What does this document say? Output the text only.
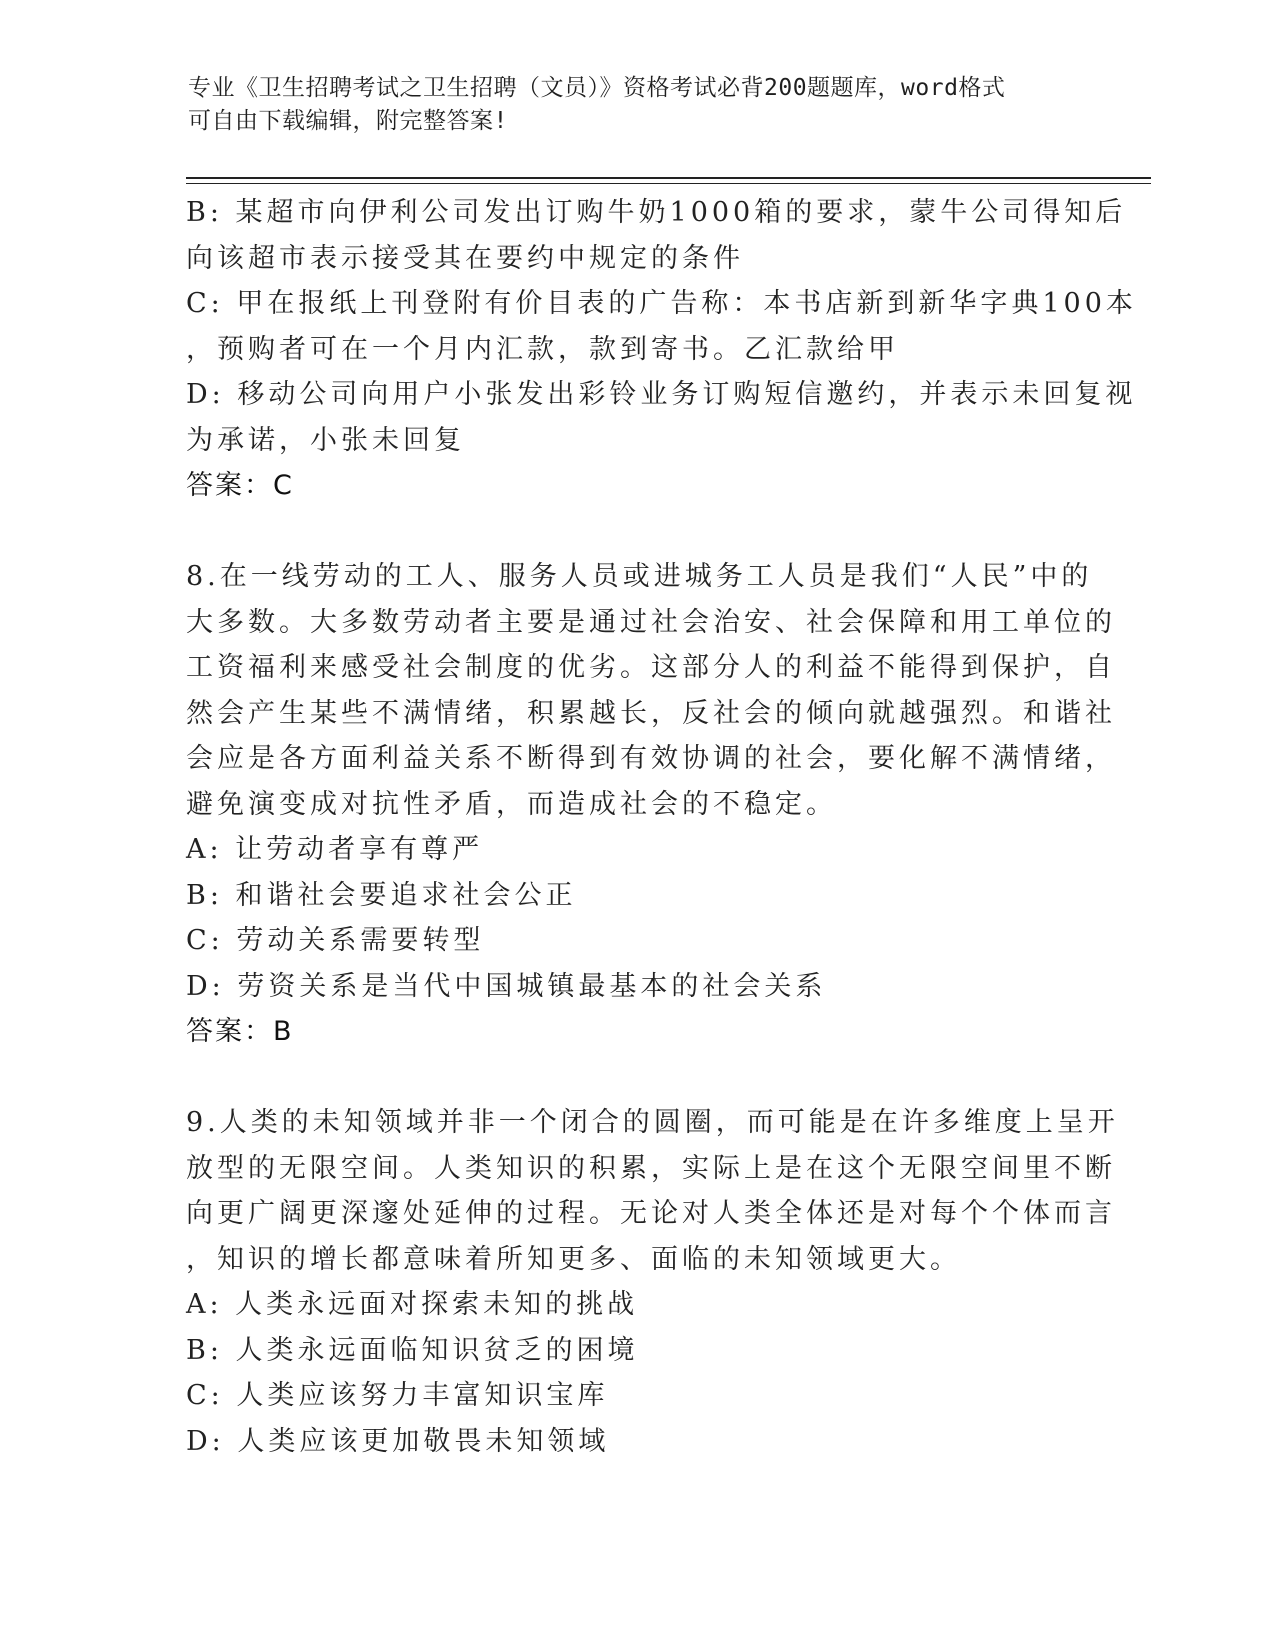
专业《卫生招聘考试之卫生招聘（文员）》资格考试必背200题题库，word格式
可自由下载编辑，附完整答案!
B: 某超市向伊利公司发出订购牛奶1000箱的要求，蒙牛公司得知后
向该超市表示接受其在要约中规定的条件
C: 甲在报纸上刊登附有价目表的广告称：本书店新到新华字典100本
，预购者可在一个月内汇款，款到寄书。乙汇款给甲
D: 移动公司向用户小张发出彩铃业务订购短信邀约，并表示未回复视
为承诺，小张未回复
答案：C
8.在一线劳动的工人、服务人员或进城务工人员是我们“人民”中的
大多数。大多数劳动者主要是通过社会治安、社会保障和用工单位的
工资福利来感受社会制度的优劣。这部分人的利益不能得到保护，自
然会产生某些不满情绪，积累越长，反社会的倾向就越强烈。和谐社
会应是各方面利益关系不断得到有效协调的社会，要化解不满情绪，
避免演变成对抗性矛盾，而造成社会的不稳定。
A: 让劳动者享有尊严
B: 和谐社会要追求社会公正
C: 劳动关系需要转型
D: 劳资关系是当代中国城镇最基本的社会关系
答案：B
9.人类的未知领域并非一个闭合的圆圈，而可能是在许多维度上呈开
放型的无限空间。人类知识的积累，实际上是在这个无限空间里不断
向更广阔更深邃处延伸的过程。无论对人类全体还是对每个个体而言
，知识的增长都意味着所知更多、面临的未知领域更大。
A: 人类永远面对探索未知的挑战
B: 人类永远面临知识贫乏的困境
C: 人类应该努力丰富知识宝库
D: 人类应该更加敬畏未知领域
